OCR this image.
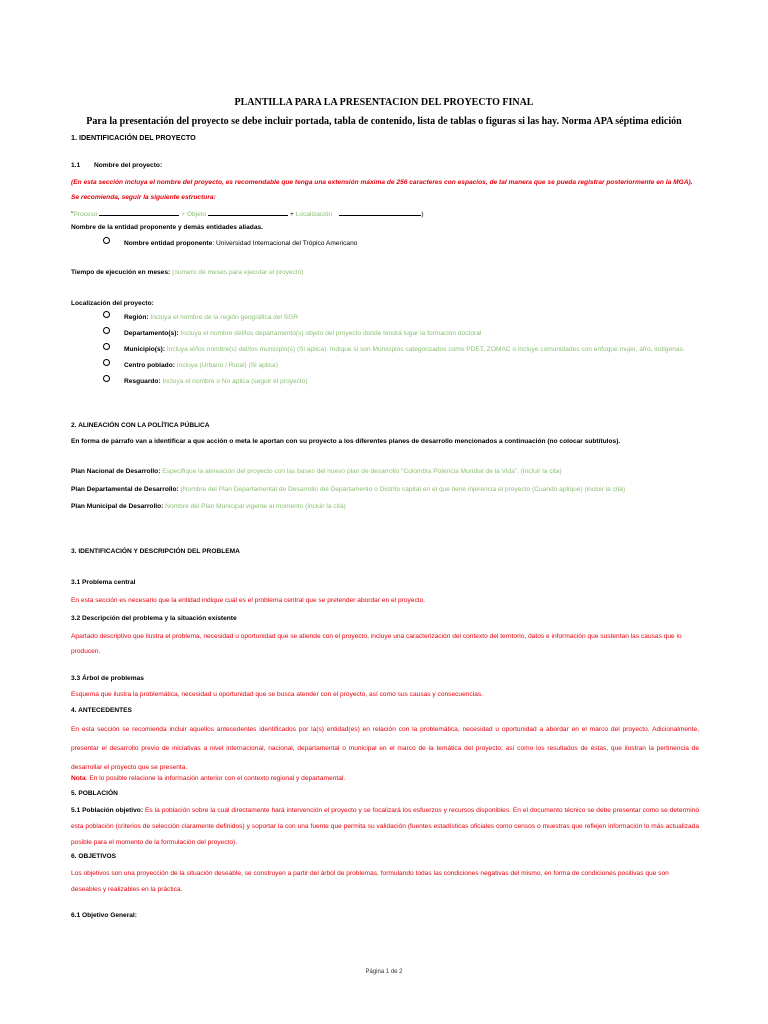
PLANTILLA PARA LA PRESENTACION DEL PROYECTO FINAL
Para la presentación del proyecto se debe incluir portada, tabla de contenido, lista de tablas o figuras si las hay. Norma APA séptima edición
1. IDENTIFICACIÓN DEL PROYECTO
1.1 Nombre del proyecto:
(En esta sección incluya el nombre del proyecto, es recomendable que tenga una extensión máxima de 256 caracteres con espacios, de tal manera que se pueda registrar posteriormente en la MGA).
Se recomienda, seguir la siguiente estructura:
"Proceso	+ Objeto	+ Localización	)
Nombre de la entidad proponente y demás entidades aliadas.
Nombre entidad proponente: Universidad Internacional del Trópico Americano
Tiempo de ejecución en meses: (numero de meses para ejecutar el proyecto)
Localización del proyecto:
Región: Incluya el nombre de la región geográfica del SGR
Departamento(s): Incluya el nombre del/los departamento(s) objeto del proyecto donde tendrá lugar la formación doctoral
Municipio(s): Incluya el/los nombre(s) del/los municipio(s) (Si aplica). Indique si son Municipios categorizados como PDET, ZOMAC o incluye comunidades con enfoque mujer, afro, indígenas.
Centro poblado: Incluya (Urbano / Rural) (Si aplica)
Resguardo: Incluya el nombre o No aplica (seguir el proyecto)
2. ALINEACIÓN CON LA POLÍTICA PÚBLICA
En forma de párrafo van a identificar a que acción o meta le aportan con su proyecto a los diferentes planes de desarrollo mencionados a continuación (no colocar subtítulos).
Plan Nacional de Desarrollo: Especifique la alineación del proyecto con las bases del nuevo plan de desarrollo “Colombia Potencia Mundial de la Vida”. (Incluir la cita)
Plan Departamental de Desarrollo: (Nombre del Plan Departamental de Desarrollo del Departamento o Distrito capital en el que tiene injerencia el proyecto (Cuando aplique) (incluir la cita)
Plan Municipal de Desarrollo: Nombre del Plan Municipal vigente al momento (incluir la cita)
3. IDENTIFICACIÓN Y DESCRIPCIÓN DEL PROBLEMA
3.1 Problema central
En esta sección es necesario que la entidad indique cuál es el problema central que se pretender abordar en el proyecto.
3.2 Descripción del problema y la situación existente
Apartado descriptivo que ilustra el problema, necesidad u oportunidad que se atiende con el proyecto, incluye una caracterización del contexto del territorio, datos e información que sustentan las causas que lo producen.
3.3 Árbol de problemas
Esquema que ilustra la problemática, necesidad u oportunidad que se busca atender con el proyecto, así como sus causas y consecuencias.
4. ANTECEDENTES
En esta sección se recomienda incluir aquellos antecedentes identificados por la(s) entidad(es) en relación con la problemática, necesidad u oportunidad a abordar en el marco del proyecto. Adicionalmente, presentar el desarrollo previo de iniciativas a nivel internacional, nacional, departamental o municipal en el marco de la temática del proyecto; así como los resultados de éstas, que ilustran la pertinencia de desarrollar el proyecto que se presenta.
Nota: En lo posible relacione la información anterior con el contexto regional y departamental.
5. POBLACIÓN
5.1 Población objetivo: Es la población sobre la cual directamente hará intervención el proyecto y se focalizará los esfuerzos y recursos disponibles. En el documento técnico se debe presentar como se determinó esta población (criterios de selección claramente definidos) y soportar la con una fuente que permita su validación (fuentes estadísticas oficiales como censos o muestras que reflejen información lo más actualizada posible para el momento de la formulación del proyecto).
6. OBJETIVOS
Los objetivos son una proyección de la situación deseable, se construyen a partir del árbol de problemas, formulando todas las condiciones negativas del mismo, en forma de condiciones positivas que son deseables y realizables en la práctica.
6.1 Objetivo General:
Página 1 de 2
